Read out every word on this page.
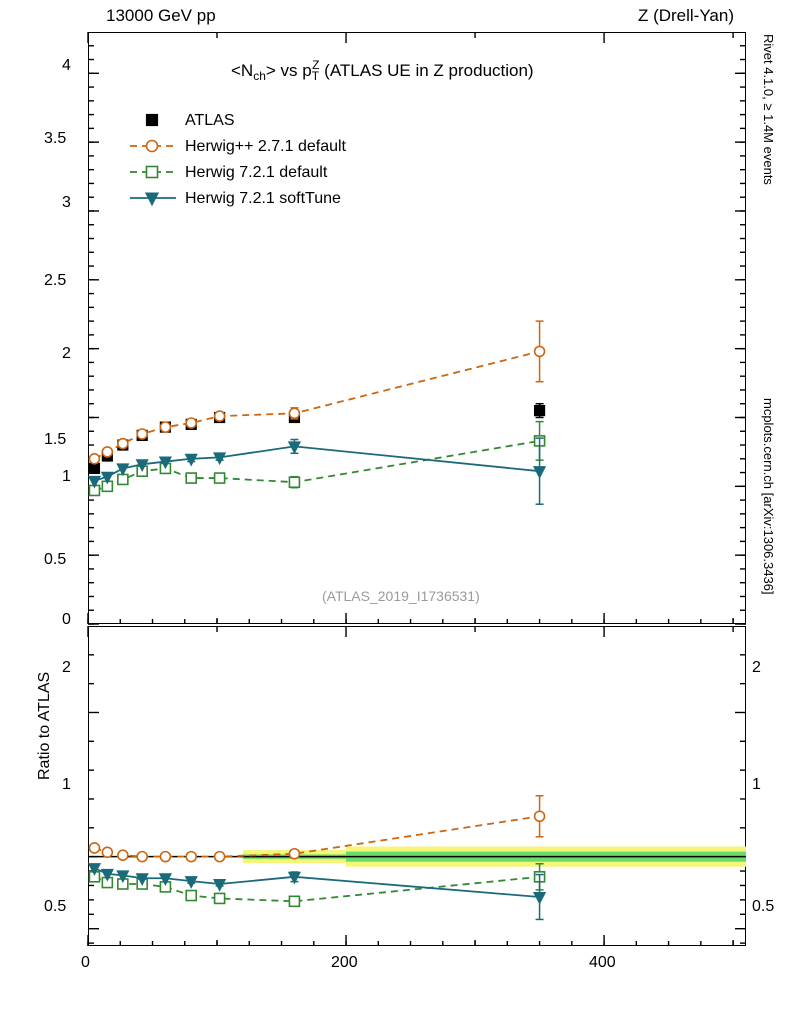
13000 GeV pp	Z (Drell-Yan)
Rivet 4.1.0, ≥ 1.4M events
mcplots.cern.ch [arXiv:1306.3436]
$<N_{ch}>$ vs $p_T^Z$ (ATLAS UE in Z production)
(ATLAS_2019_I1736531)
0
0.5
1
1.5
2
2.5
3
3.5
4
Ratio to ATLAS
0.5
1
2
0.5
1
2
0	200	400
ATLAS
Herwig++ 2.7.1 default
Herwig 7.2.1 default
Herwig 7.2.1 softTune
